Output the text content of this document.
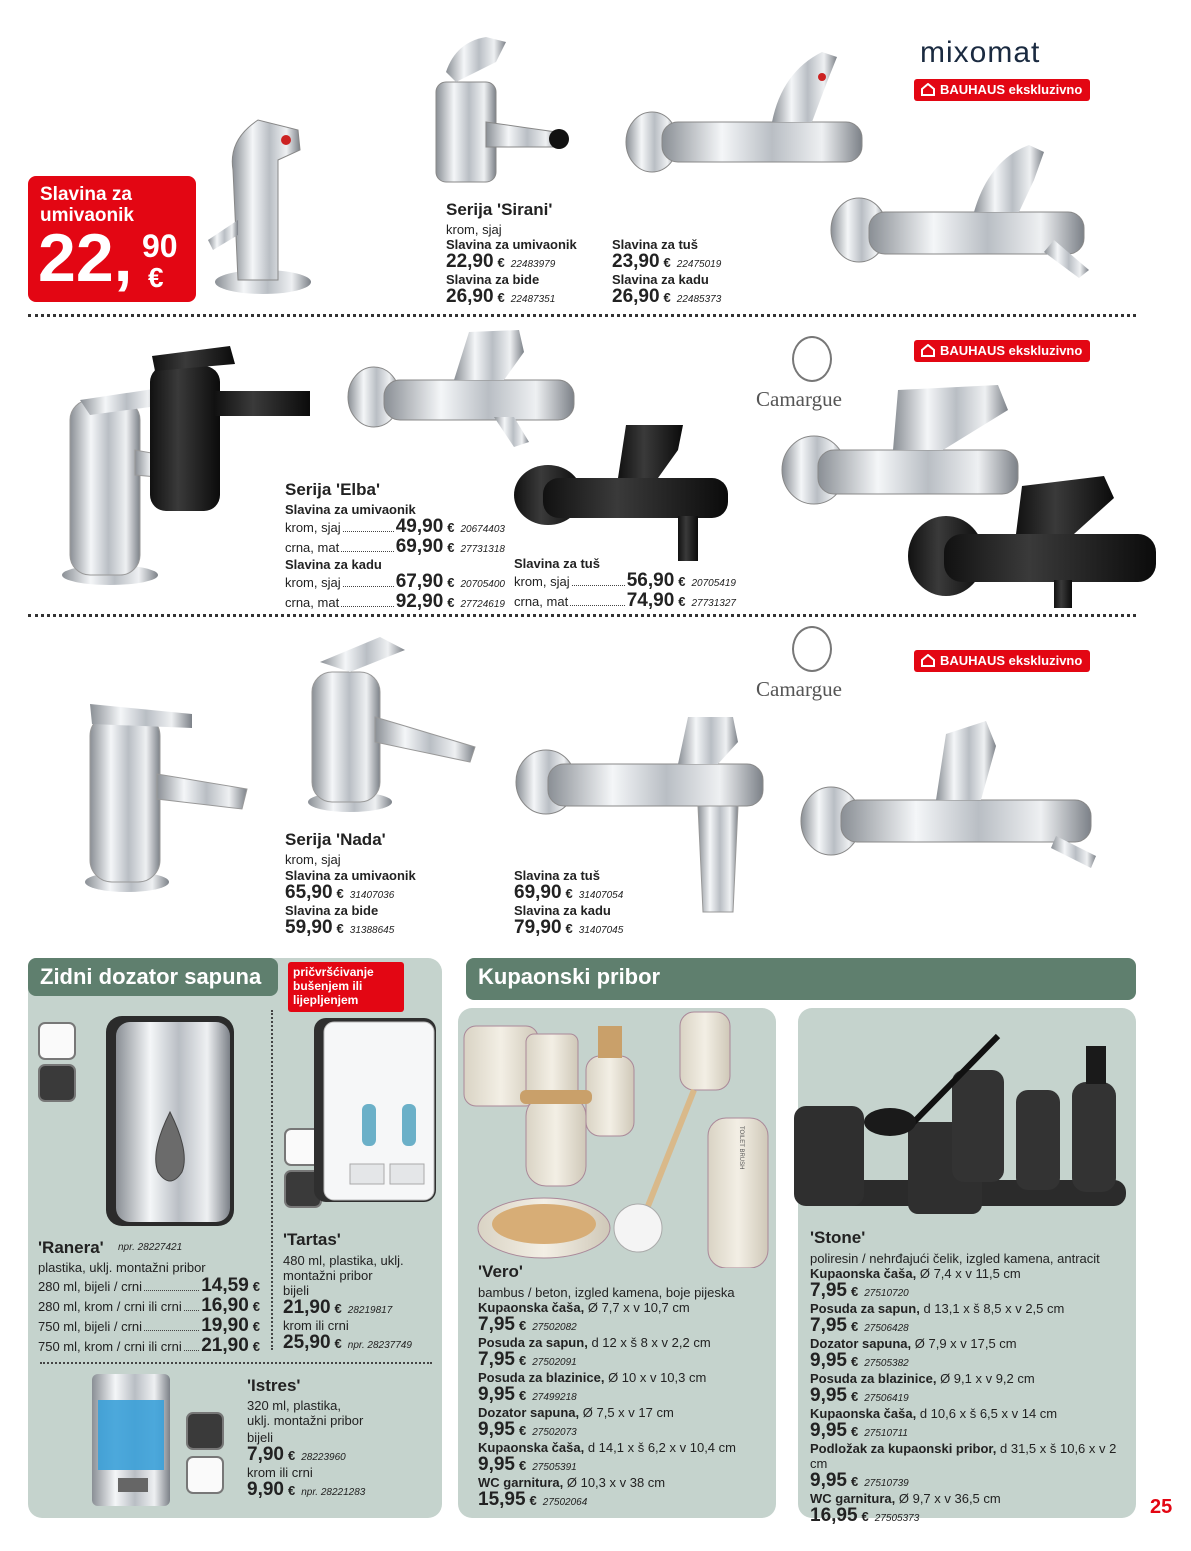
mixomat
BAUHAUS ekskluzivno
Slavina za
umivaonik
22, 90
€
Serija 'Sirani'
krom, sjaj
Slavina za umivaonik
22,90 € 22483979
Slavina za bide
26,90 € 22487351
Slavina za tuš
23,90 € 22475019
Slavina za kadu
26,90 € 22485373
Camargue
BAUHAUS ekskluzivno
Serija 'Elba'
Slavina za umivaonik
krom, sjaj	49,90 € 20674403
crna, mat	69,90 € 27731318
Slavina za kadu
krom, sjaj	67,90 € 20705400
crna, mat	92,90 € 27724619
Slavina za tuš
krom, sjaj	56,90 € 20705419
crna, mat	74,90 € 27731327
Camargue
BAUHAUS ekskluzivno
Serija 'Nada'
krom, sjaj
Slavina za umivaonik
65,90 € 31407036
Slavina za bide
59,90 € 31388645
Slavina za tuš
69,90 € 31407054
Slavina za kadu
79,90 € 31407045
Zidni dozator sapuna	pričvršćivanje bušenjem ili lijepljenjem
'Ranera' npr. 28227421
plastika, uklj. montažni pribor
280 ml, bijeli / crni	14,59 €
280 ml, krom / crni ili crni 16,90 €
750 ml, bijeli / crni	19,90 €
750 ml, krom / crni ili crni 21,90 €
'Tartas'
480 ml, plastika, uklj.
montažni pribor
bijeli
21,90 € 28219817
krom ili crni
25,90 € npr. 28237749
'Istres'
320 ml, plastika,
uklj. montažni pribor
bijeli
7,90 € 28223960
krom ili crni
9,90 € npr. 28221283
Kupaonski pribor
TOILET BRUSH
'Vero'
bambus / beton, izgled kamena, boje pijeska
Kupaonska čaša, Ø 7,7 x v 10,7 cm
7,95 € 27502082
Posuda za sapun, d 12 x š 8 x v 2,2 cm
7,95 € 27502091
Posuda za blazinice, Ø 10 x v 10,3 cm
9,95 € 27499218
Dozator sapuna, Ø 7,5 x v 17 cm
9,95 € 27502073
Kupaonska čaša, d 14,1 x š 6,2 x v 10,4 cm
9,95 € 27505391
WC garnitura, Ø 10,3 x v 38 cm
15,95 € 27502064
'Stone'
poliresin / nehrđajući čelik, izgled kamena, antracit
Kupaonska čaša, Ø 7,4 x v 11,5 cm
7,95 € 27510720
Posuda za sapun, d 13,1 x š 8,5 x v 2,5 cm
7,95 € 27506428
Dozator sapuna, Ø 7,9 x v 17,5 cm
9,95 € 27505382
Posuda za blazinice, Ø 9,1 x v 9,2 cm
9,95 € 27506419
Kupaonska čaša, d 10,6 x š 6,5 x v 14 cm
9,95 € 27510711
Podložak za kupaonski pribor, d 31,5 x š 10,6 x v 2 cm
9,95 € 27510739
WC garnitura, Ø 9,7 x v 36,5 cm
16,95 € 27505373
25
